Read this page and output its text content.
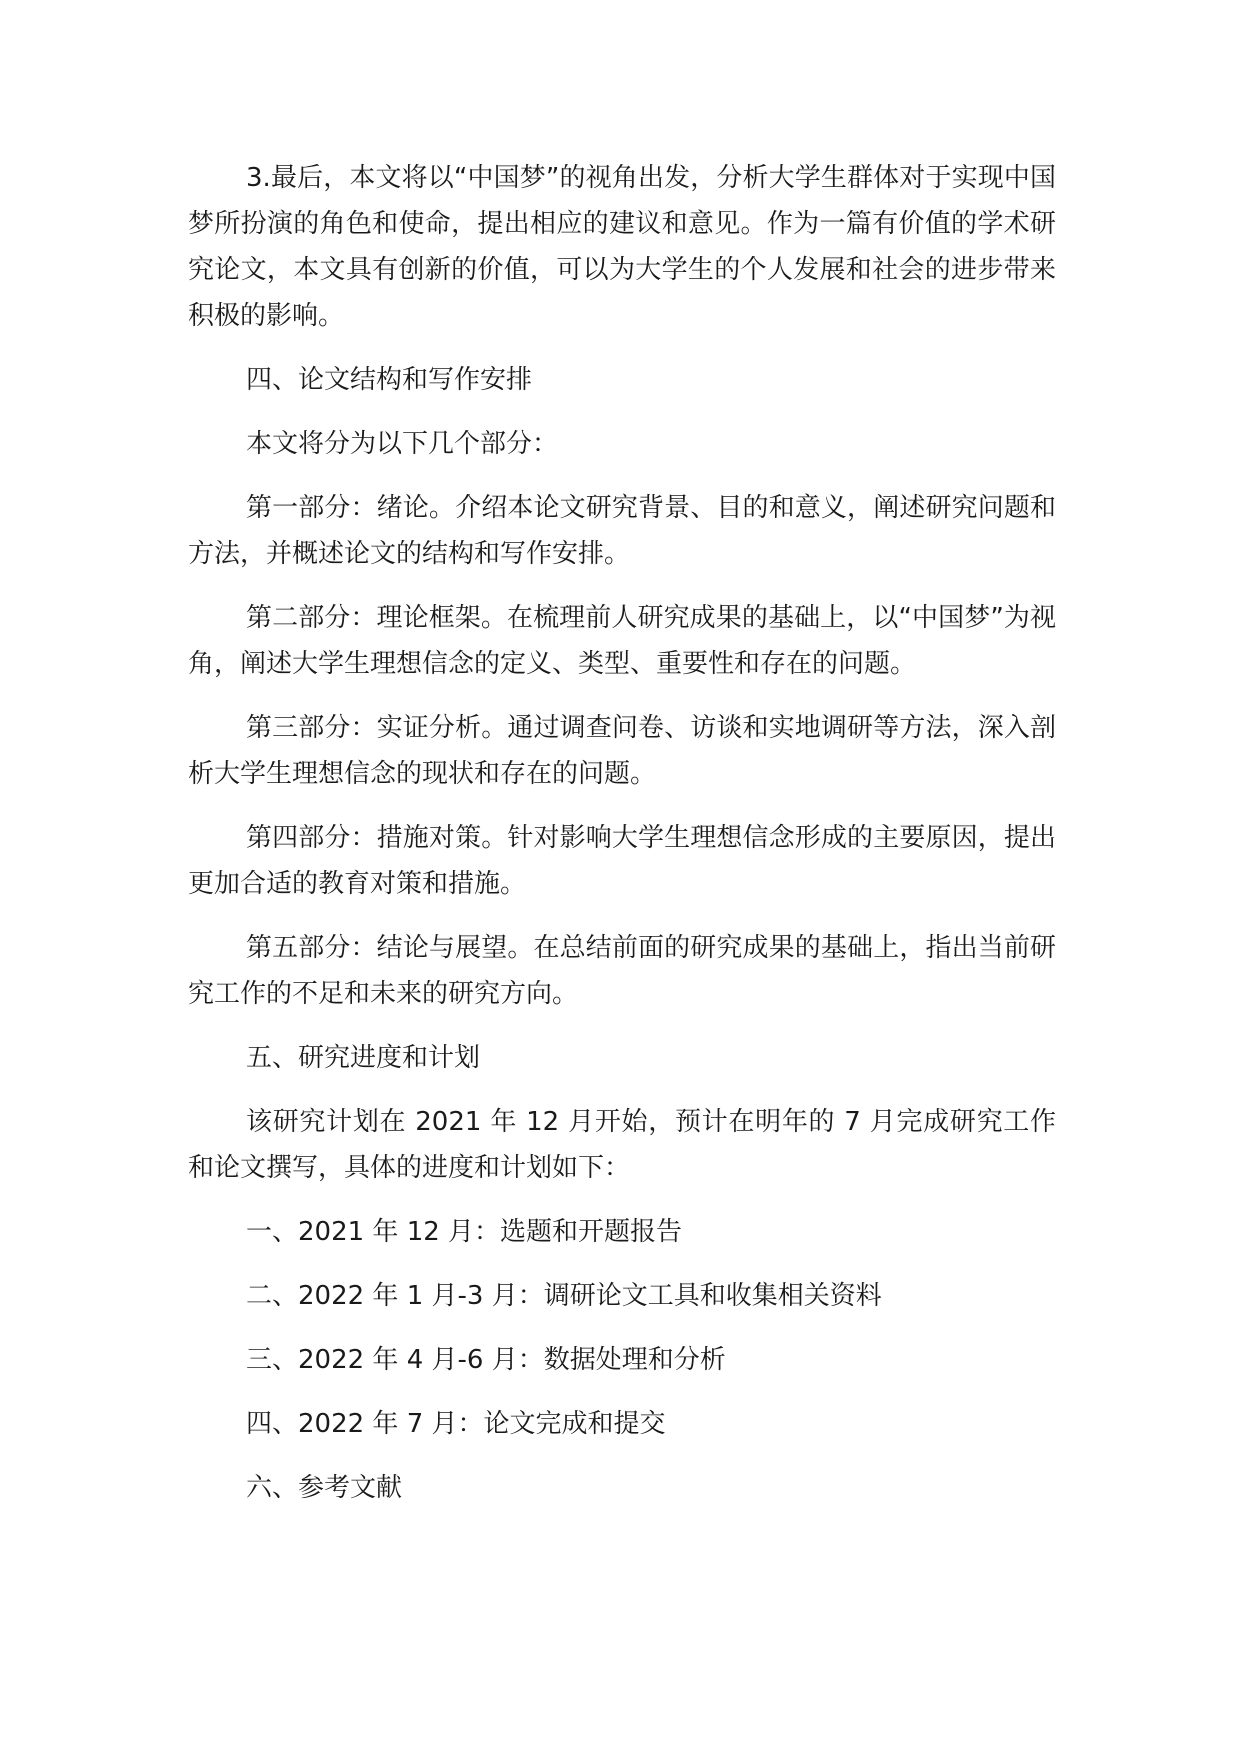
3.最后，本文将以“中国梦”的视角出发，分析大学生群体对于实现中国梦所扮演的角色和使命，提出相应的建议和意见。作为一篇有价值的学术研究论文，本文具有创新的价值，可以为大学生的个人发展和社会的进步带来积极的影响。

四、论文结构和写作安排

本文将分为以下几个部分：

第一部分：绪论。介绍本论文研究背景、目的和意义，阐述研究问题和方法，并概述论文的结构和写作安排。

第二部分：理论框架。在梳理前人研究成果的基础上，以“中国梦”为视角，阐述大学生理想信念的定义、类型、重要性和存在的问题。

第三部分：实证分析。通过调查问卷、访谈和实地调研等方法，深入剖析大学生理想信念的现状和存在的问题。

第四部分：措施对策。针对影响大学生理想信念形成的主要原因，提出更加合适的教育对策和措施。

第五部分：结论与展望。在总结前面的研究成果的基础上，指出当前研究工作的不足和未来的研究方向。

五、研究进度和计划

该研究计划在 2021 年 12 月开始，预计在明年的 7 月完成研究工作和论文撰写，具体的进度和计划如下：

一、2021 年 12 月：选题和开题报告

二、2022 年 1 月-3 月：调研论文工具和收集相关资料

三、2022 年 4 月-6 月：数据处理和分析

四、2022 年 7 月：论文完成和提交

六、参考文献
